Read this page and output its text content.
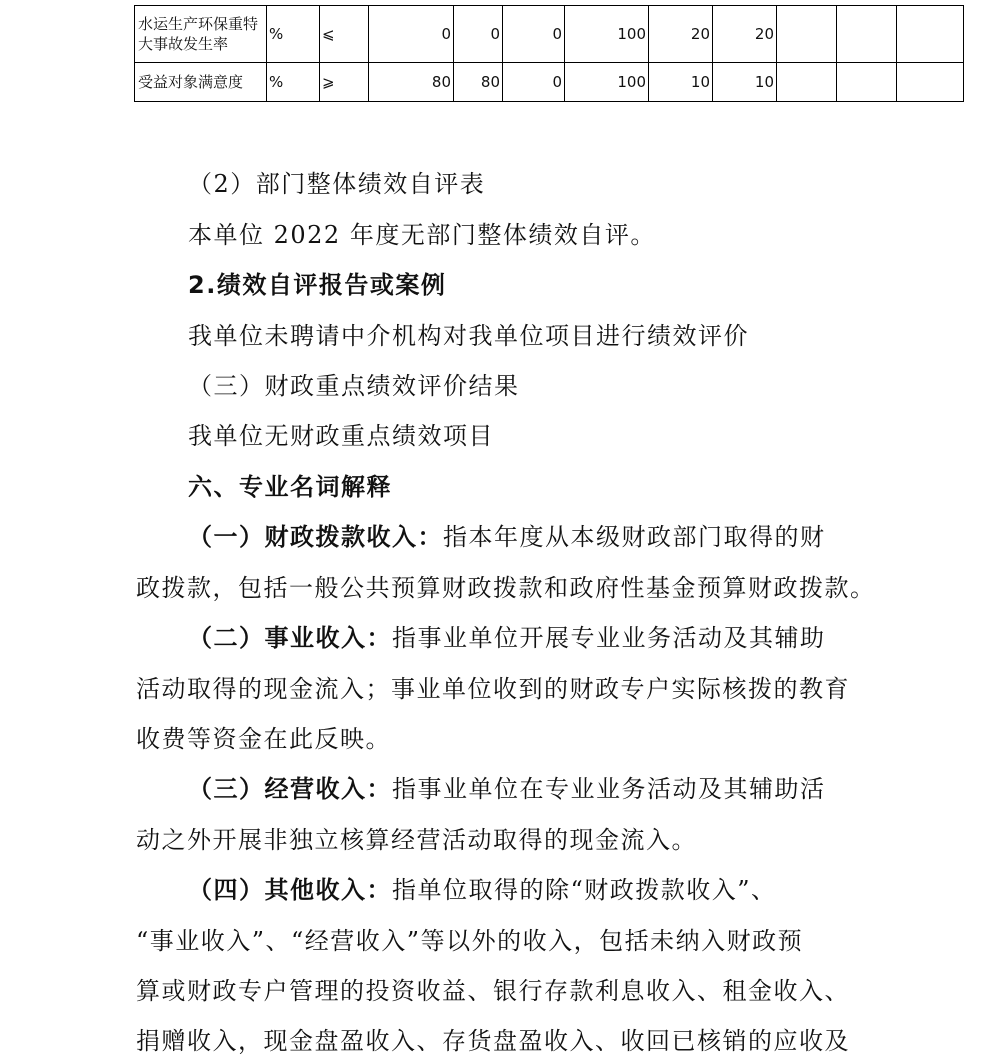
水运生产环保重特大事故发生率	%	⩽	0	0	0	100	20	20			
受益对象满意度	%	⩾	80	80	0	100	10	10			
（2）部门整体绩效自评表
本单位 2022 年度无部门整体绩效自评。
2.绩效自评报告或案例
我单位未聘请中介机构对我单位项目进行绩效评价
（三）财政重点绩效评价结果
我单位无财政重点绩效项目
六、专业名词解释
（一）财政拨款收入：指本年度从本级财政部门取得的财
政拨款，包括一般公共预算财政拨款和政府性基金预算财政拨款。
（二）事业收入：指事业单位开展专业业务活动及其辅助
活动取得的现金流入；事业单位收到的财政专户实际核拨的教育
收费等资金在此反映。
（三）经营收入：指事业单位在专业业务活动及其辅助活
动之外开展非独立核算经营活动取得的现金流入。
（四）其他收入：指单位取得的除“财政拨款收入”、
“事业收入”、“经营收入”等以外的收入，包括未纳入财政预
算或财政专户管理的投资收益、银行存款利息收入、租金收入、
捐赠收入，现金盘盈收入、存货盘盈收入、收回已核销的应收及
